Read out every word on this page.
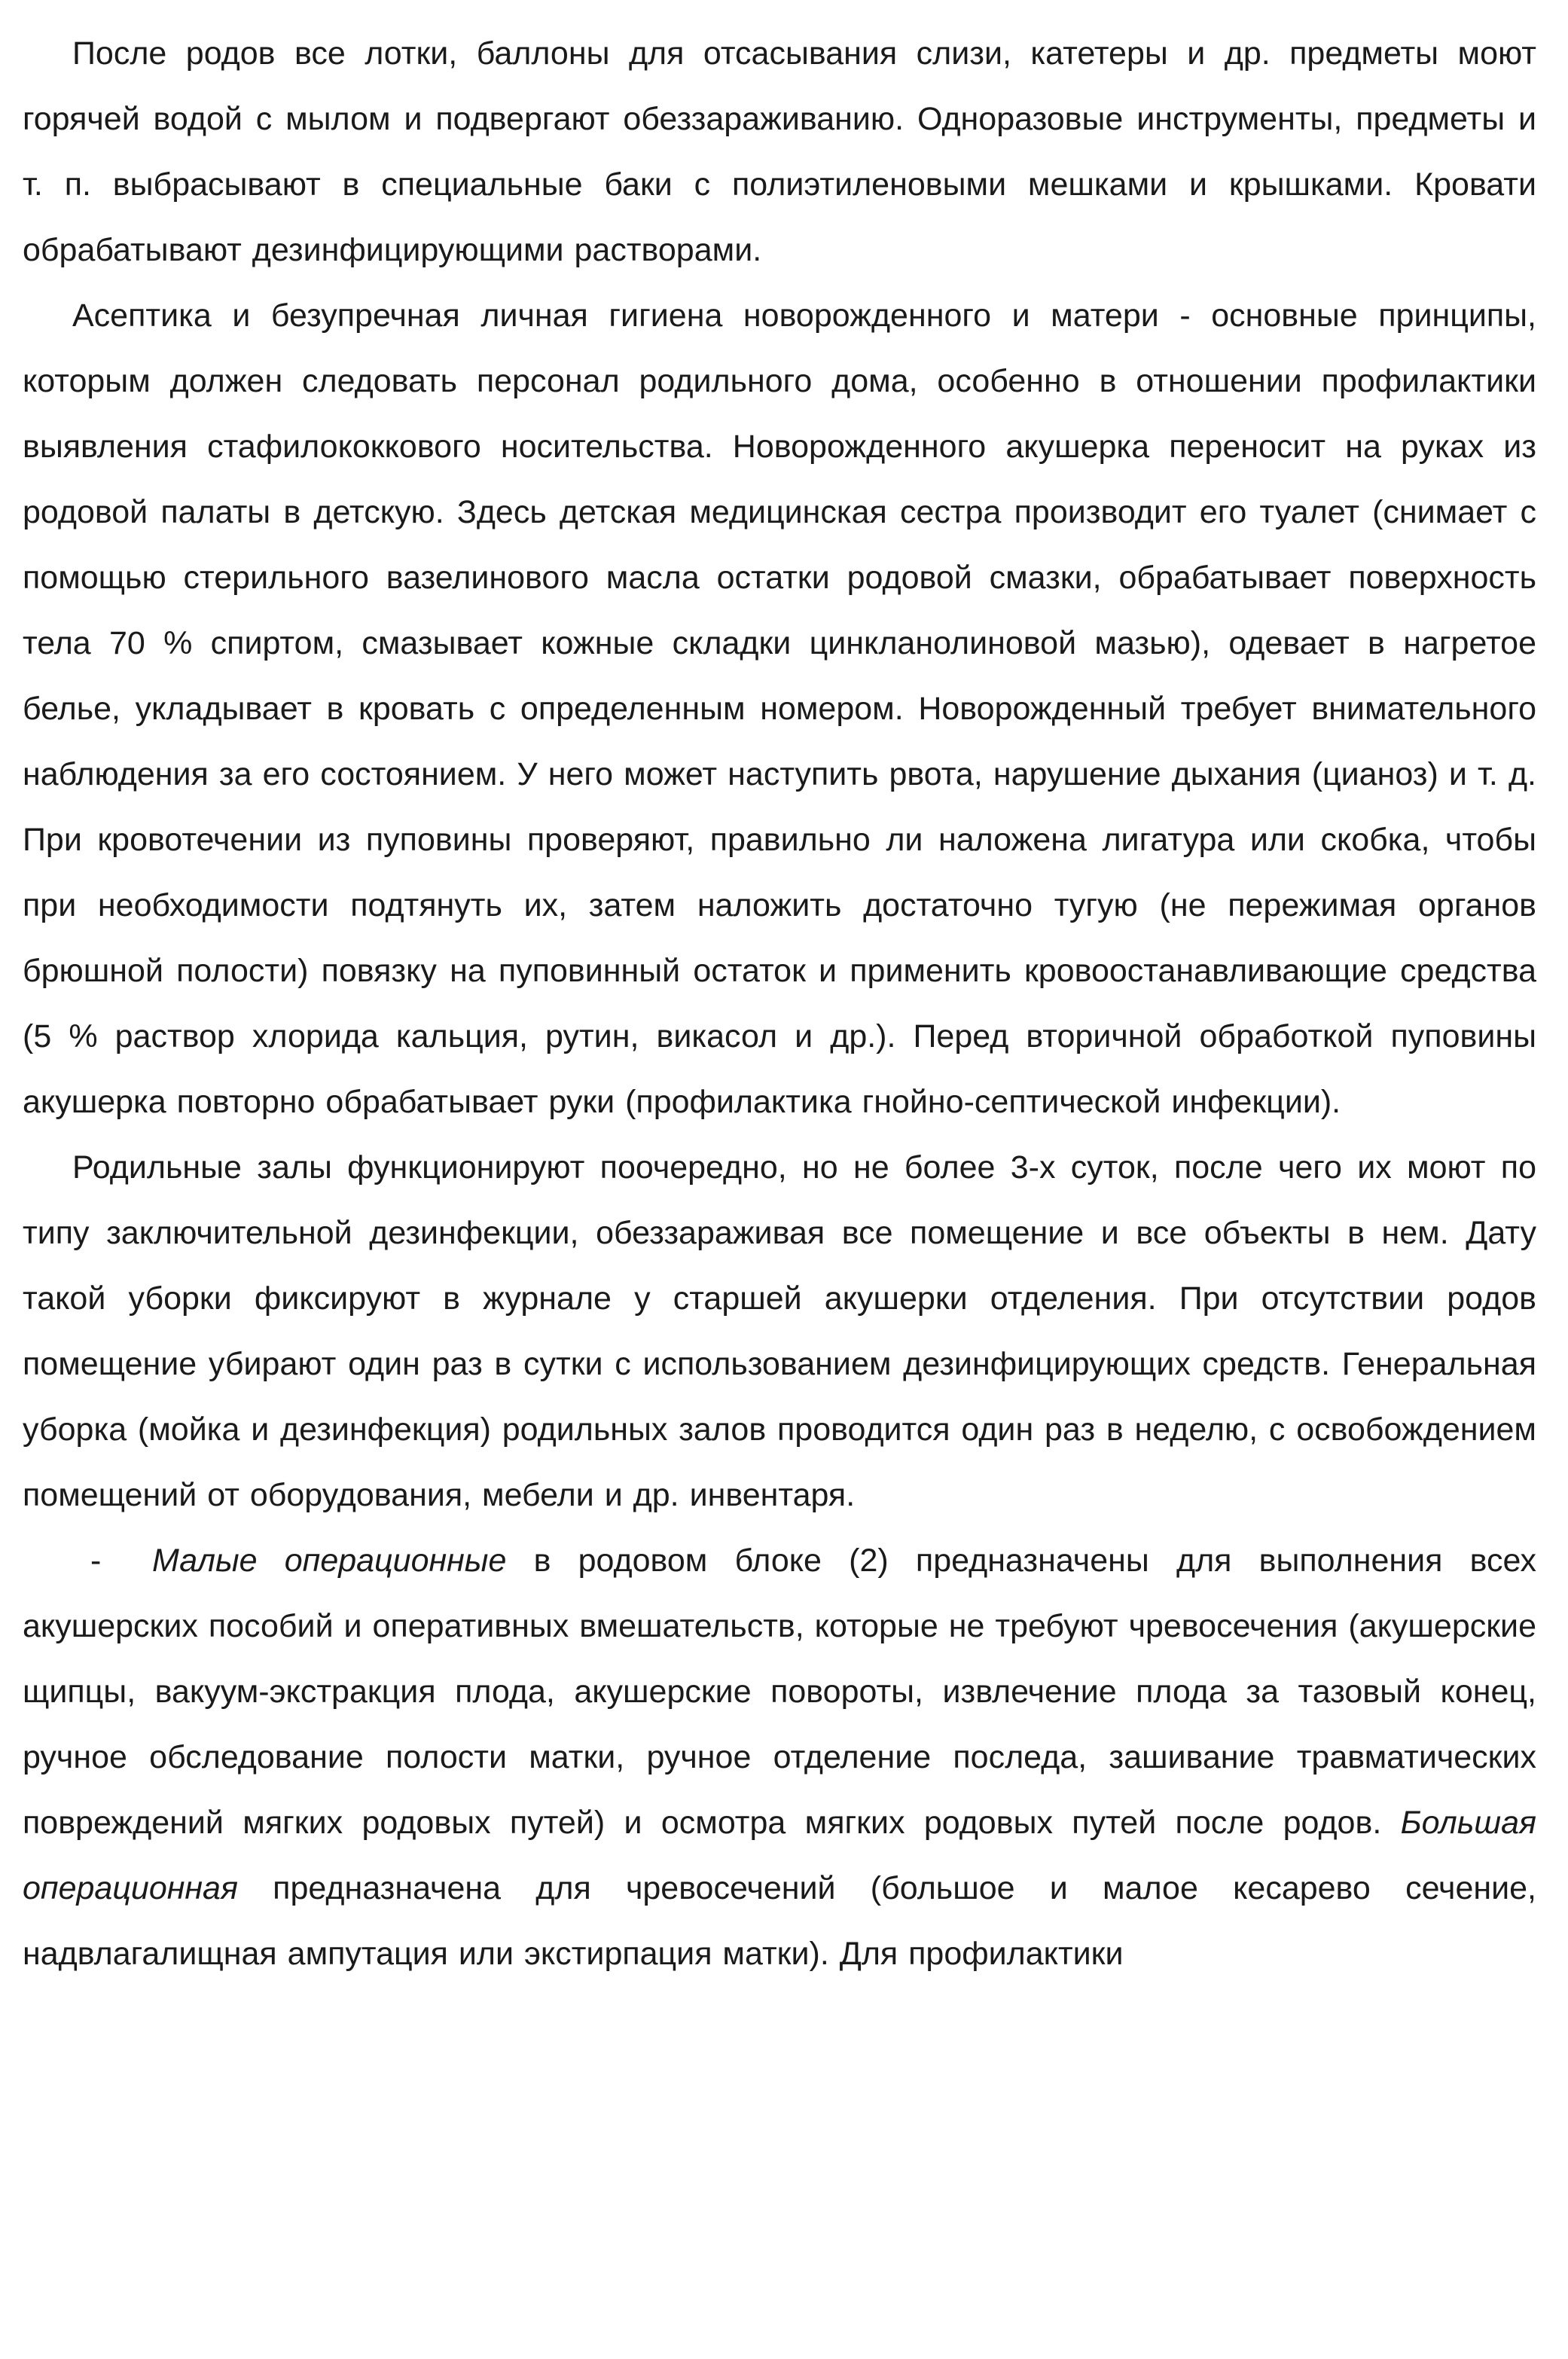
После родов все лотки, баллоны для отсасывания слизи, катетеры и др. предметы моют горячей водой с мылом и подвергают обеззараживанию. Одноразовые инструменты, предметы и т. п. выбрасывают в специальные баки с полиэтиленовыми мешками и крышками. Кровати обрабатывают дезинфицирующими растворами.

Асептика и безупречная личная гигиена новорожденного и матери - основные принципы, которым должен следовать персонал родильного дома, особенно в отношении профилактики выявления стафилококкового носительства. Новорожденного акушерка переносит на руках из родовой палаты в детскую. Здесь детская медицинская сестра производит его туалет (снимает с помощью стерильного вазелинового масла остатки родовой смазки, обрабатывает поверхность тела 70 % спиртом, смазывает кожные складки цинкланолиновой мазью), одевает в нагретое белье, укладывает в кровать с определенным номером. Новорожденный требует внимательного наблюдения за его состоянием. У него может наступить рвота, нарушение дыхания (цианоз) и т. д. При кровотечении из пуповины проверяют, правильно ли наложена лигатура или скобка, чтобы при необходимости подтянуть их, затем наложить достаточно тугую (не пережимая органов брюшной полости) повязку на пуповинный остаток и применить кровоостанавливающие средства (5 % раствор хлорида кальция, рутин, викасол и др.). Перед вторичной обработкой пуповины акушерка повторно обрабатывает руки (профилактика гнойно-септической инфекции).

Родильные залы функционируют поочередно, но не более 3-х суток, после чего их моют по типу заключительной дезинфекции, обеззараживая все помещение и все объекты в нем. Дату такой уборки фиксируют в журнале у старшей акушерки отделения. При отсутствии родов помещение убирают один раз в сутки с использованием дезинфицирующих средств. Генеральная уборка (мойка и дезинфекция) родильных залов проводится один раз в неделю, с освобождением помещений от оборудования, мебели и др. инвентаря.

- Малые операционные в родовом блоке (2) предназначены для выполнения всех акушерских пособий и оперативных вмешательств, которые не требуют чревосечения (акушерские щипцы, вакуум-экстракция плода, акушерские повороты, извлечение плода за тазовый конец, ручное обследование полости матки, ручное отделение последа, зашивание травматических повреждений мягких родовых путей) и осмотра мягких родовых путей после родов. Большая операционная предназначена для чревосечений (большое и малое кесарево сечение, надвлагалищная ампутация или экстирпация матки). Для профилактики
